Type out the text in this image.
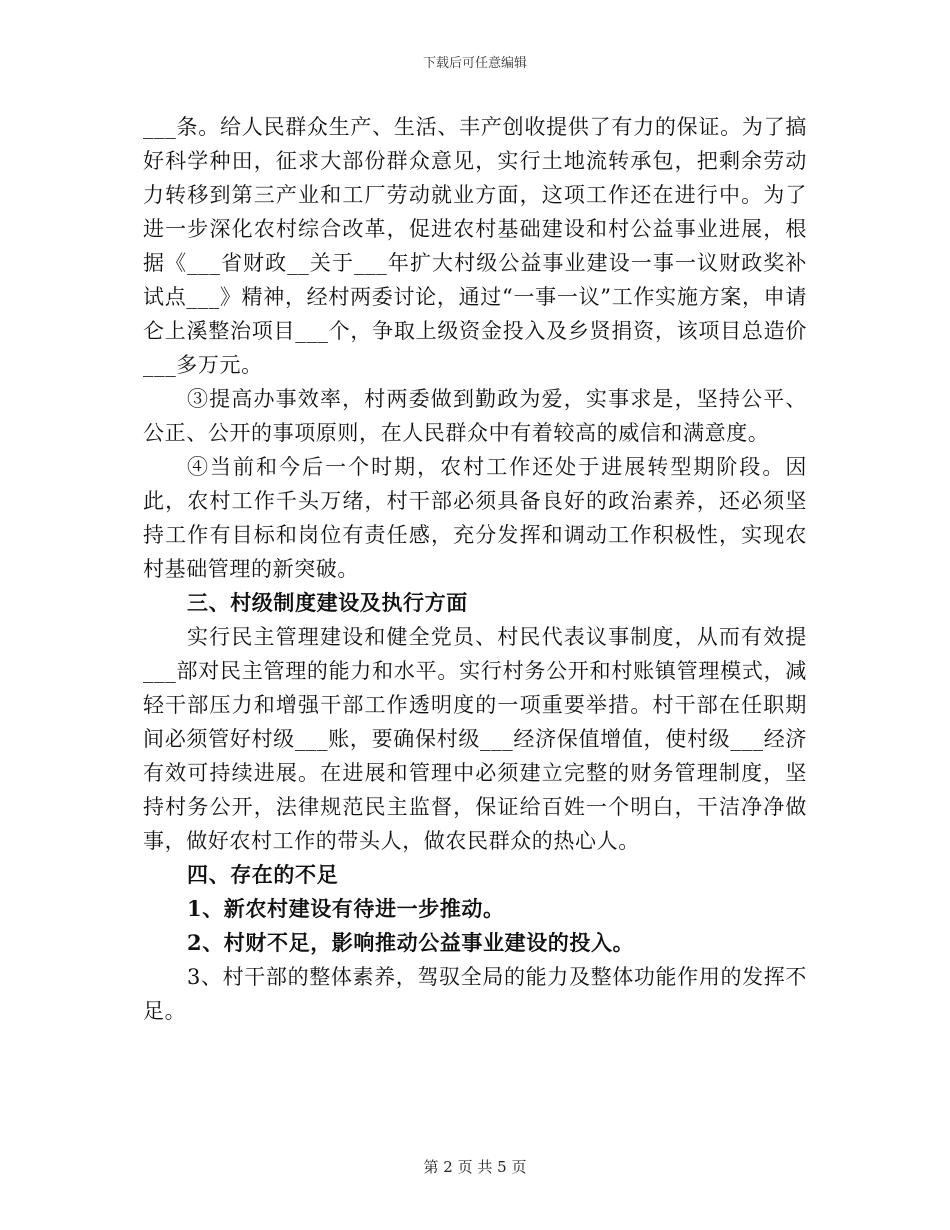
下载后可任意编辑

___条。给人民群众生产、生活、丰产创收提供了有力的保证。为了搞好科学种田，征求大部份群众意见，实行土地流转承包，把剩余劳动力转移到第三产业和工厂劳动就业方面，这项工作还在进行中。为了进一步深化农村综合改革，促进农村基础建设和村公益事业进展，根据《___省财政__关于___年扩大村级公益事业建设一事一议财政奖补试点___》精神，经村两委讨论，通过“一事一议”工作实施方案，申请仑上溪整治项目___个，争取上级资金投入及乡贤捐资，该项目总造价___多万元。

③提高办事效率，村两委做到勤政为爱，实事求是，坚持公平、公正、公开的事项原则，在人民群众中有着较高的威信和满意度。

④当前和今后一个时期，农村工作还处于进展转型期阶段。因此，农村工作千头万绪，村干部必须具备良好的政治素养，还必须坚持工作有目标和岗位有责任感，充分发挥和调动工作积极性，实现农村基础管理的新突破。

三、村级制度建设及执行方面

实行民主管理建设和健全党员、村民代表议事制度，从而有效提___部对民主管理的能力和水平。实行村务公开和村账镇管理模式，减轻干部压力和增强干部工作透明度的一项重要举措。村干部在任职期间必须管好村级___账，要确保村级___经济保值增值，使村级___经济有效可持续进展。在进展和管理中必须建立完整的财务管理制度，坚持村务公开，法律规范民主监督，保证给百姓一个明白，干洁净净做事，做好农村工作的带头人，做农民群众的热心人。

四、存在的不足

1、新农村建设有待进一步推动。

2、村财不足，影响推动公益事业建设的投入。

3、村干部的整体素养，驾驭全局的能力及整体功能作用的发挥不足。

第 2 页 共 5 页
